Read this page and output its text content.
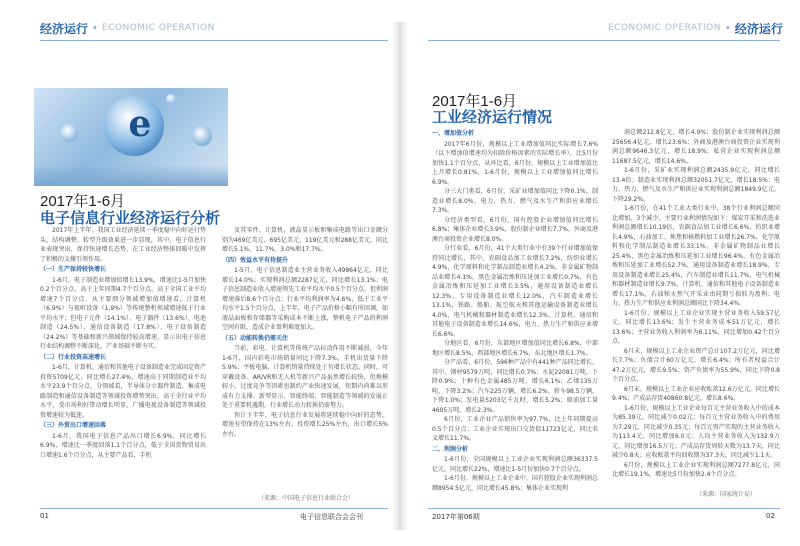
经济运行 • ECONOMIC OPERATION	ECONOMIC OPERATION • 经济运行
e
2017年1-6月
电子信息行业经济运行分析
2017年1-6月
工业经济运行情况

2017年上半年，我国工业经济延续一季度稳中向好运行势头，结构调整、转型升级效果进一步显现，其中，电子信息行业表现突出，保持快速增长态势，在工业经济整体回暖中发挥了积极的支撑引领作用。

（一）生产保持较快增长

1-6月，电子制造业增加值增长13.9%，增速比1-5月加快0.2个百分点，高于上年同期4.7个百分点，高于全国工业平均增速7个百分点，从主要细分领域增加值增速看，计算机（6.9%）与视听设备（1.9%）等传统整机领域增速低于行业平均水平；但电子元件（14.1%）、电子器件（13.6%）、电池制造（24.5%）、通信设备制造（17.8%）、电子设备制造（24.2%）等基础和新兴领域保持较高增速，显示出电子信息行业结构调整不断深化，产业基础不断夯实。

（二）行业投资高速增长

1-6月，计算机、通信和其他电子设备制造业完成固定资产投资5709亿元，同比增长27.4%，增速高于同期制造业平均水平23.9个百分点，分领域看，半导体分立器件制造、集成电路制造和通信设备制造等领域投资增势突出，高于全行业平均水平，受市场利好带动增长明显，广播电视设备制造等领域投资增速较为低迷。

（三）外贸出口增速回落

1-6月，我国电子信息产品出口增长6.9%，同比增长6.9%，增速比一季度回落1.1个百分点，低于全国货物贸易出口增速1.6个百分点，从主要产品看，手机

及其零件、计算机、液晶显示板和集成电路等出口金额分别为469亿美元、695亿美元、119亿美元和288亿美元，同比增长5.1%、11.7%、3.0%和17.7%。

（四）效益水平有待提升

1-5月，电子信息制造业主营业务收入49864亿元，同比增长14.0%；实现利润总额2287亿元，同比增长13.1%；电子信息制造业收入增速领先工业平均水平0.5个百分点，但利润增速落后8.6个百分点；行业平均利润率为4.6%，低于工业平均水平1.5个百分点，上半年，电子产品价格小幅有所回调，如液晶面板和存储器等采购成本不断上涨，整机电子产品的利润空间有限，造成企业盈利难度加大。

（五）动能转换仍需关注

当前，彩电、计算机等传统产品拉动作用不断减弱，今年1-6月，国内彩电市场销量同比下降7.3%，手机出货量下降5.9%；平板电脑、计算机销量持续处于负增长状态。同时，可穿戴设备、AR/VR和无人机等新兴产品虽然增长较快，但规模较小，过度竞争等因素也制约产业快速发展，短期内尚难以形成有力支撑。新型显示、智能终端、智能制造等领域的发展正处于重要机遇期，行业增长动力转换仍需努力。

预计下半年，电子信息行业发展将延续稳中向好的态势，增速有望保持在13%左右，投资增长25%左右，出口增长5%左右。

（来源：中国电子信息行业联合会）
一、增加值分析

2017年6月份，规模以上工业增加值同比实际增长7.6%（以下增加值增速均为扣除价格因素的实际增长率），比5月份加快1.1个百分点，从环比看，6月份，规模以上工业增加值比上月增长0.81%，1-6月份，规模以上工业增加值同比增长6.9%。

分三大门类看，6月份，采矿业增加值同比下降0.1%，制造业增长8.0%，电力、热力、燃气及水生产和供应业增长7.3%。

分经济类型看，6月份，国有控股企业增加值同比增长6.8%；集体企业增长3.9%，股份制企业增长7.7%，外商及港澳台商投资企业增长8.0%。

分行业看，6月份，41个大类行业中有39个行业增加值保持同比增长，其中，农副食品加工业增长7.2%，纺织业增长4.9%，化学原料和化学制品制造业增长4.2%，非金属矿物制品业增长4.1%，黑色金属冶炼和压延加工业增长0.7%，有色金属冶炼和压延加工业增长3.5%，通用设备制造业增长12.3%，专用设备制造业增长12.0%，汽车制造业增长13.1%，铁路、船舶、航空航天和其他运输设备制造业增长4.0%，电气机械和器材制造业增长12.3%，计算机、通信和其他电子设备制造业增长14.6%，电力、热力生产和供应业增长6.6%。

分地区看，6月份，东部地区增加值同比增长6.8%，中部地区增长8.5%，西部地区增长6.7%，东北地区增长1.7%。

分产品看，6月份，596种产品中有441种产品同比增长，其中，钢材9579万吨，同比增长0.7%；水泥22081万吨，下降0.9%；十种有色金属485万吨，增长6.1%；乙烯135万吨，下降3.2%；汽车225万辆，增长6.2%，轿车98.5万辆，下降1.0%；发电量5203亿千瓦时，增长5.2%；原油加工量4605万吨，增长2.3%。

6月份，工业企业产品销售率为97.7%，比上年同期提高0.5个百分点；工业企业实现出口交货值11723亿元，同比名义增长11.7%。

二、利润分析

1-6月份，全国规模以上工业企业实现利润总额36337.5亿元，同比增长22%，增速比1-5月份加快0.7个百分点。

1-6月份，规模以上工业企业中，国有控股企业实现利润总额8954.5亿元，同比增长45.8%；集体企业实现利

润总额212.8亿元，增长4.9%；股份制企业实现利润总额25656.4亿元，增长23.6%；外商及港澳台商投资企业实现利润总额9646.3亿元，增长18.9%；私营企业实现利润总额11687.5亿元，增长14.6%。

1-6月份，采矿业实现利润总额2435.9亿元，同比增长13.4倍；制造业实现利润总额32051.7亿元，增长18.5%；电力、热力、燃气及水生产和供应业实现利润总额1849.9亿元，下降29.2%。

1-6月份，在41个工业大类行业中，38个行业利润总额同比增加，3个减少。主要行业利润情况如下：煤炭开采和洗选业利润总额增长10.19倍，农副食品加工业增长6.6%，纺织业增长4.9%，石油加工、炼焦和核燃料加工业增长26.7%，化学原料和化学制品制造业增长33.1%，非金属矿物制品业增长25.4%，黑色金属冶炼和压延加工业增长96.4%，有色金属冶炼和压延加工业增长52.7%，通用设备制造业增长18.9%，专用设备制造业增长25.4%，汽车制造业增长11.7%，电气机械和器材制造业增长9.7%，计算机、通信和其他电子设备制造业增长17.1%，石油和天然气开采业由同期亏损转为盈利；电力、热力生产和供应业利润总额同比下降34.4%。

1-6月份，规模以上工业企业实现主营业务收入59.57亿元，同比增长13.6%；发生主营业务成本51万亿元，增长13.6%；主营业务收入利润率为6.11%，同比增加0.42个百分点。

6月末，规模以上工业企业资产总计107.2万亿元，同比增长7.7%；负债合计60万亿元，增长6.4%；所有者权益合计47.2万亿元，增长9.5%；资产负债率为55.9%，同比下降0.8个百分点。

6月末，规模以上工业企业应收账款12.6万亿元，同比增长9.4%；产成品存货40860.8亿元，增长8.6%。

1-6月份，规模以上工业企业每百元主营业务收入中的成本为85.39元，同比减少0.02元；每百元主营业务收入中的费用为7.29元，同比减少0.35元；每百元资产实现的主营业务收入为113.4元，同比增加6.0元；人均主营业务收入为132.9万元，同比增加16.5万元；产成品存货周转天数为13.7天，同比减少0.8天；应收账款平均回收期为37.3天，同比减少1.1天。

6月份，规模以上工业企业实现利润总额7277.8亿元，同比增长19.1%，增速比5月份加快2.4个百分点。

（来源：国家统计局）
01	电子信息联合会会刊	2017年第06期	02
